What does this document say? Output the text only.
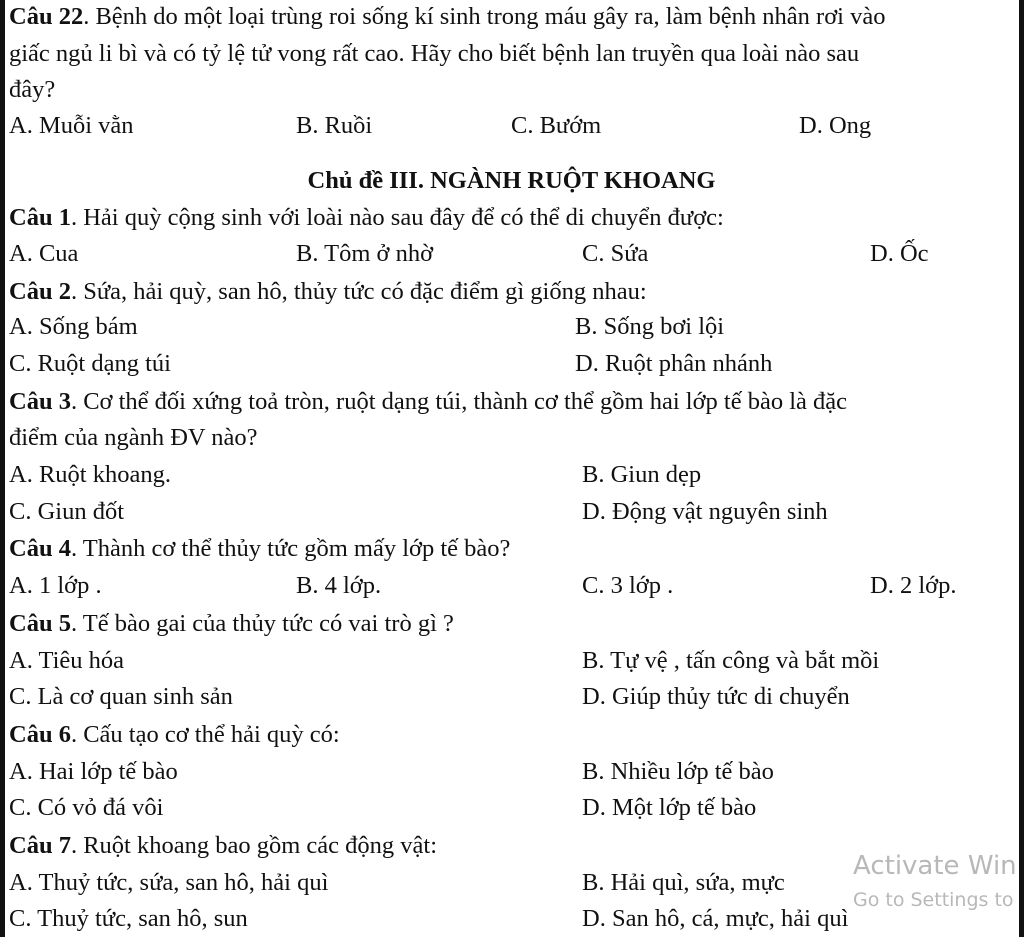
Câu 22. Bệnh do một loại trùng roi sống kí sinh trong máu gây ra, làm bệnh nhân rơi vào
giấc ngủ li bì và có tỷ lệ tử vong rất cao. Hãy cho biết bệnh lan truyền qua loài nào sau
đây?
A. Muỗi vằn	B. Ruồi	C. Bướm	D. Ong
Chủ đề III. NGÀNH RUỘT KHOANG
Câu 1. Hải quỳ cộng sinh với loài nào sau đây để có thể di chuyển được:
A. Cua	B. Tôm ở nhờ	C. Sứa	D. Ốc
Câu 2. Sứa, hải quỳ, san hô, thủy tức có đặc điểm gì giống nhau:
A. Sống bám	B. Sống bơi lội
C. Ruột dạng túi	D. Ruột phân nhánh
Câu 3. Cơ thể đối xứng toả tròn, ruột dạng túi, thành cơ thể gồm hai lớp tế bào là đặc
điểm của ngành ĐV nào?
A. Ruột khoang.	B. Giun dẹp
C. Giun đốt	D. Động vật nguyên sinh
Câu 4. Thành cơ thể thủy tức gồm mấy lớp tế bào?
A. 1 lớp .	B. 4 lớp.	C. 3 lớp .	D. 2 lớp.
Câu 5. Tế bào gai của thủy tức có vai trò gì ?
A. Tiêu hóa	B. Tự vệ , tấn công và bắt mồi
C. Là cơ quan sinh sản	D. Giúp thủy tức di chuyển
Câu 6. Cấu tạo cơ thể hải quỳ có:
A. Hai lớp tế bào	B. Nhiều lớp tế bào
C. Có vỏ đá vôi	D. Một lớp tế bào
Câu 7. Ruột khoang bao gồm các động vật:
A. Thuỷ tức, sứa, san hô, hải quì	B. Hải quì, sứa, mực
C. Thuỷ tức, san hô, sun	D. San hô, cá, mực, hải quì
Activate Win
Go to Settings to
